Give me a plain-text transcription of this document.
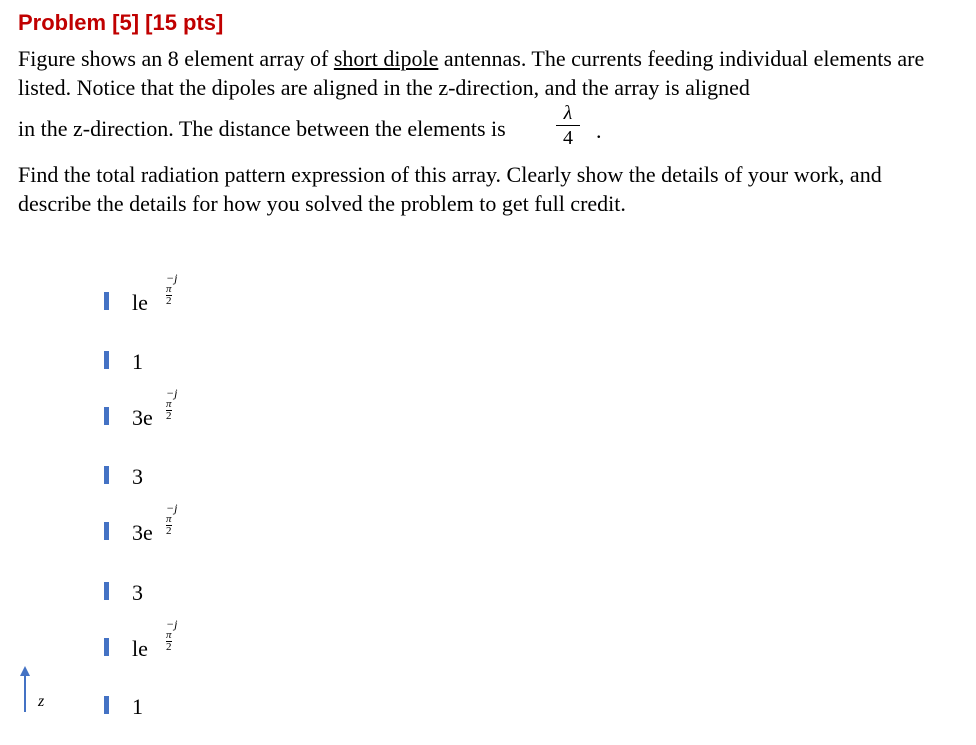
Problem [5] [15 pts]
Figure shows an 8 element array of short dipole antennas. The currents feeding individual elements are listed. Notice that the dipoles are aligned in the z-direction, and the array is aligned
in the z-direction. The distance between the elements is
λ
4	.
Find the total radiation pattern expression of this array. Clearly show the details of your work, and describe the details for how you solved the problem to get full credit.
le
−j
$\frac{\pi}{2}$
1
3e
−j
$\frac{\pi}{2}$
3
3e
−j
$\frac{\pi}{2}$
3
le
−j
$\frac{\pi}{2}$
1
z
